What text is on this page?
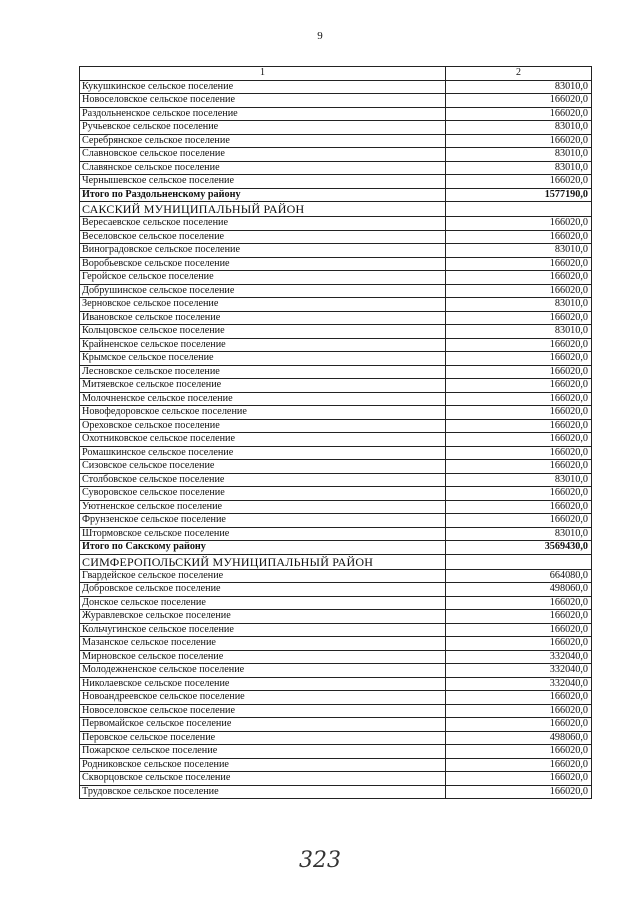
9
1	2
Кукушкинское сельское поселение	83010,0
Новоселовское сельское поселение	166020,0
Раздольненское сельское поселение	166020,0
Ручьевское сельское поселение	83010,0
Серебрянское сельское поселение	166020,0
Славновское сельское поселение	83010,0
Славянское сельское поселение	83010,0
Чернышевское сельское поселение	166020,0
Итого по Раздольненскому району	1577190,0
САКСКИЙ МУНИЦИПАЛЬНЫЙ РАЙОН	
Вересаевское сельское поселение	166020,0
Веселовское сельское поселение	166020,0
Виноградовское сельское поселение	83010,0
Воробьевское сельское поселение	166020,0
Геройское сельское поселение	166020,0
Добрушинское сельское поселение	166020,0
Зерновское сельское поселение	83010,0
Ивановское сельское поселение	166020,0
Кольцовское сельское поселение	83010,0
Крайненское сельское поселение	166020,0
Крымское сельское поселение	166020,0
Лесновское сельское поселение	166020,0
Митяевское сельское поселение	166020,0
Молочненское сельское поселение	166020,0
Новофедоровское сельское поселение	166020,0
Ореховское сельское поселение	166020,0
Охотниковское сельское поселение	166020,0
Ромашкинское сельское поселение	166020,0
Сизовское сельское поселение	166020,0
Столбовское сельское поселение	83010,0
Суворовское сельское поселение	166020,0
Уютненское сельское поселение	166020,0
Фрунзенское сельское поселение	166020,0
Штормовское сельское поселение	83010,0
Итого по Сакскому району	3569430,0
СИМФЕРОПОЛЬСКИЙ МУНИЦИПАЛЬНЫЙ РАЙОН	
Гвардейское сельское поселение	664080,0
Добровское сельское поселение	498060,0
Донское сельское поселение	166020,0
Журавлевское сельское поселение	166020,0
Кольчугинское сельское поселение	166020,0
Мазанское сельское поселение	166020,0
Мирновское сельское поселение	332040,0
Молодежненское сельское поселение	332040,0
Николаевское сельское поселение	332040,0
Новоандреевское сельское поселение	166020,0
Новоселовское сельское поселение	166020,0
Первомайское сельское поселение	166020,0
Перовское сельское поселение	498060,0
Пожарское сельское поселение	166020,0
Родниковское сельское поселение	166020,0
Скворцовское сельское поселение	166020,0
Трудовское сельское поселение	166020,0
323
